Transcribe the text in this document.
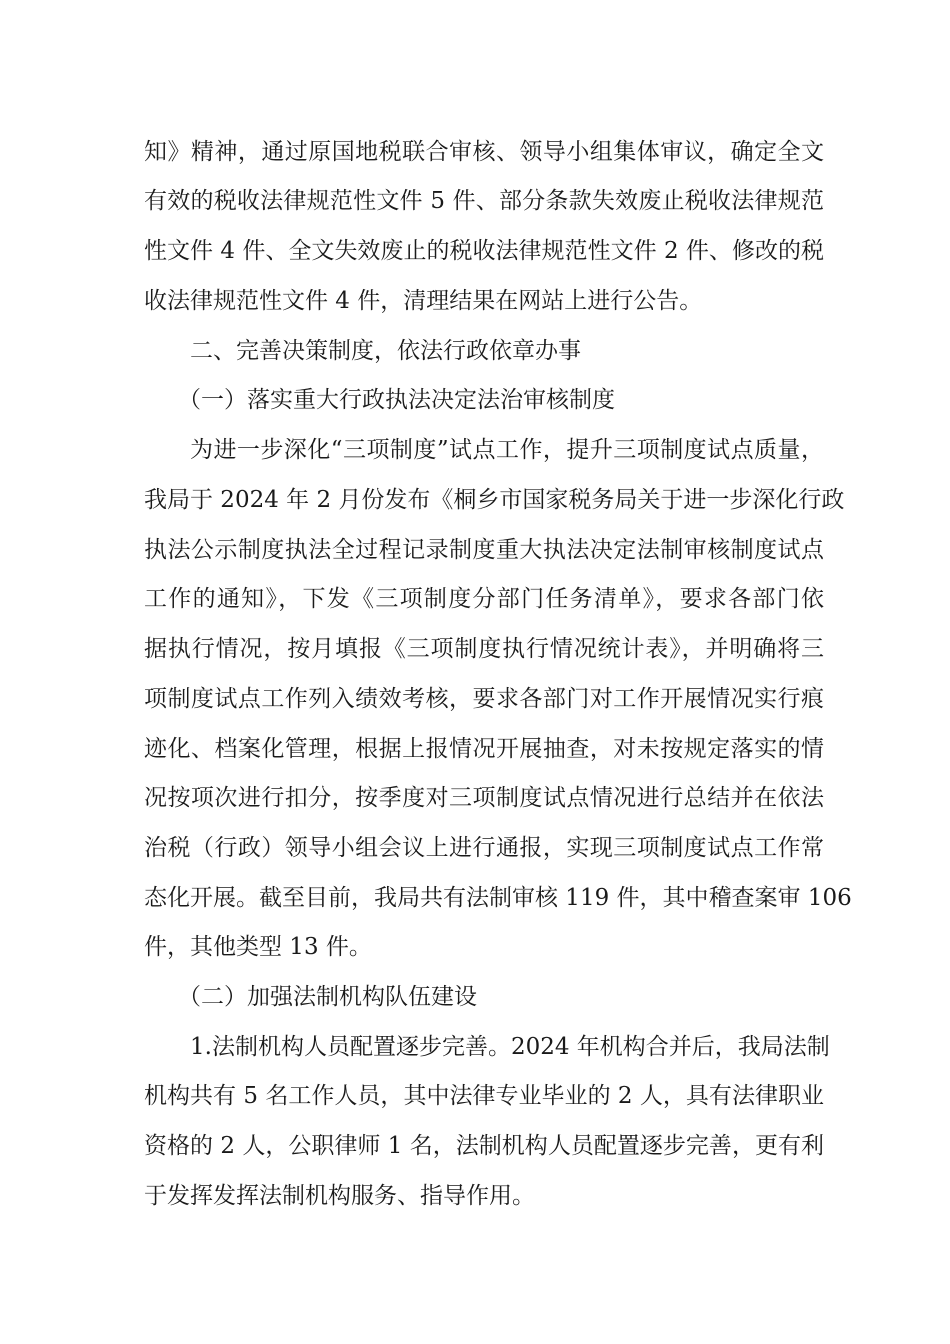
知》精神，通过原国地税联合审核、领导小组集体审议，确定全文
有效的税收法律规范性文件 5 件、部分条款失效废止税收法律规范
性文件 4 件、全文失效废止的税收法律规范性文件 2 件、修改的税
收法律规范性文件 4 件，清理结果在网站上进行公告。
二、完善决策制度，依法行政依章办事
（一）落实重大行政执法决定法治审核制度
为进一步深化“三项制度”试点工作，提升三项制度试点质量，
我局于 2024 年 2 月份发布《桐乡市国家税务局关于进一步深化行政
执法公示制度执法全过程记录制度重大执法决定法制审核制度试点
工作的通知》，下发《三项制度分部门任务清单》，要求各部门依
据执行情况，按月填报《三项制度执行情况统计表》，并明确将三
项制度试点工作列入绩效考核，要求各部门对工作开展情况实行痕
迹化、档案化管理，根据上报情况开展抽查，对未按规定落实的情
况按项次进行扣分，按季度对三项制度试点情况进行总结并在依法
治税（行政）领导小组会议上进行通报，实现三项制度试点工作常
态化开展。截至目前，我局共有法制审核 119 件，其中稽查案审 106
件，其他类型 13 件。
（二）加强法制机构队伍建设
1.法制机构人员配置逐步完善。2024 年机构合并后，我局法制
机构共有 5 名工作人员，其中法律专业毕业的 2 人，具有法律职业
资格的 2 人，公职律师 1 名，法制机构人员配置逐步完善，更有利
于发挥发挥法制机构服务、指导作用。
